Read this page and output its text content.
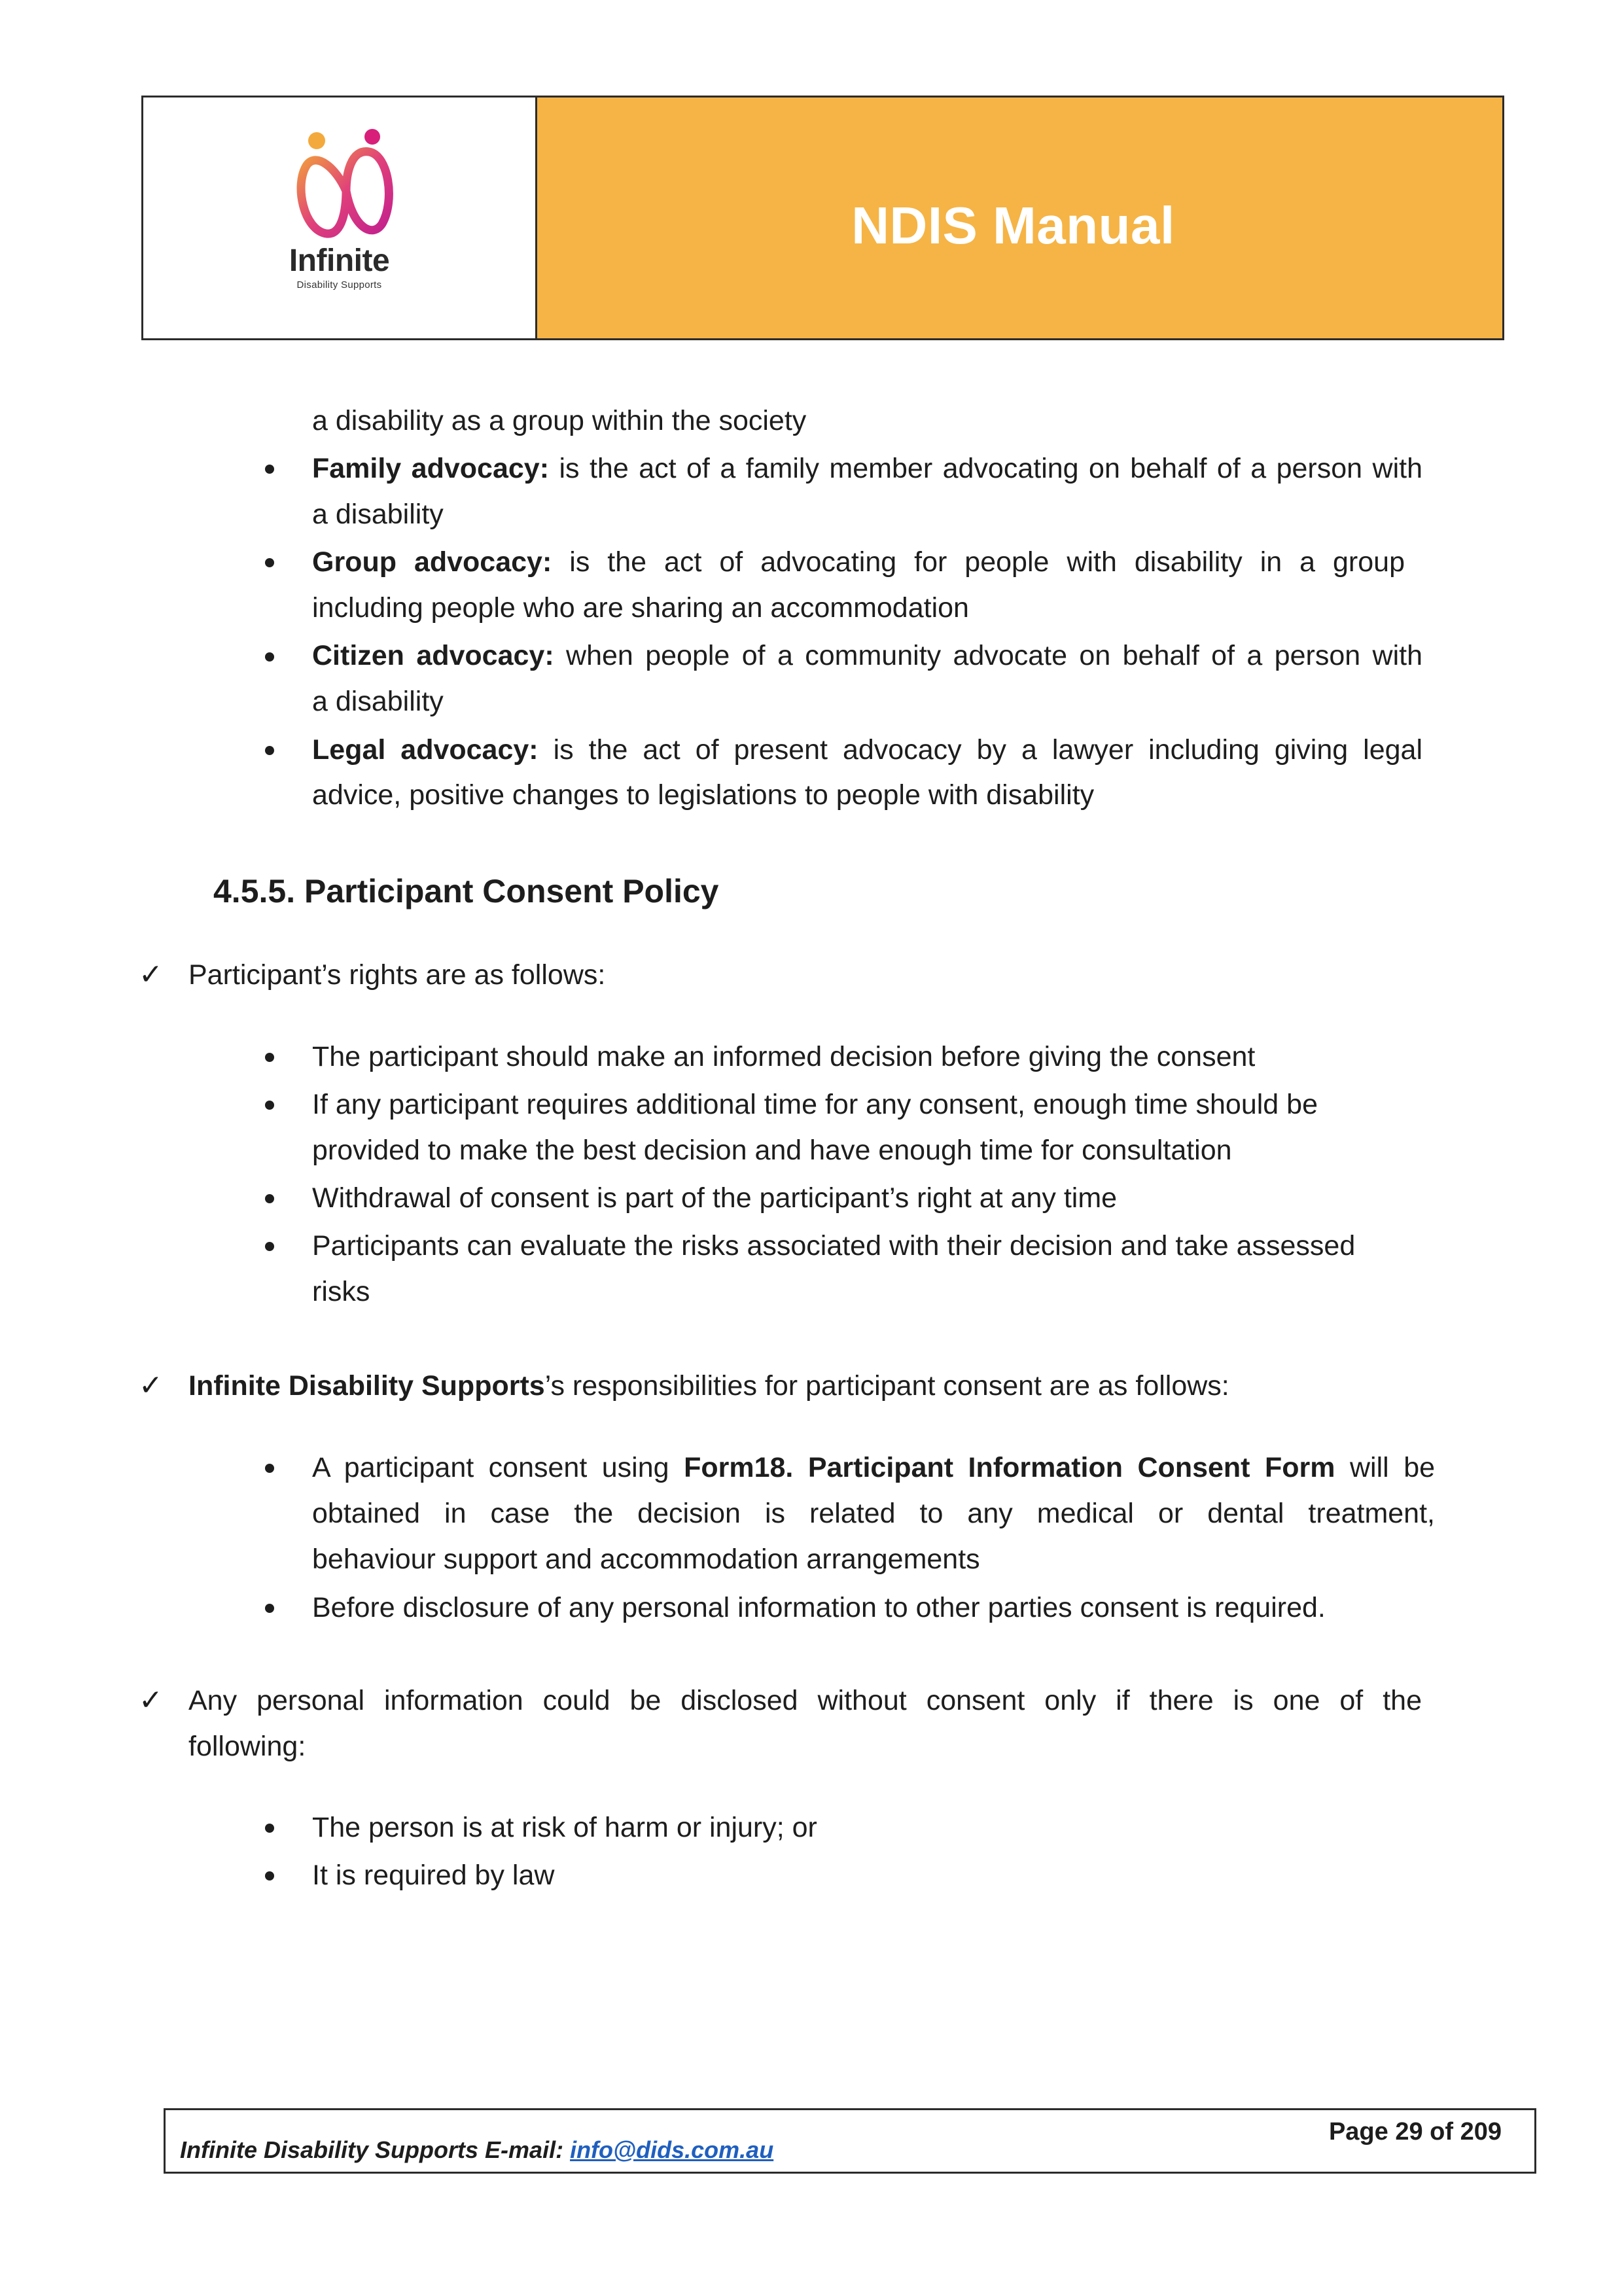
Infinite
Disability Supports
NDIS Manual
a disability as a group within the society
Family advocacy: is the act of a family member advocating on behalf of a person with
a disability
Group advocacy: is the act of advocating for people with disability in a group
including people who are sharing an accommodation
Citizen advocacy: when people of a community advocate on behalf of a person with
a disability
Legal advocacy: is the act of present advocacy by a lawyer including giving legal
advice, positive changes to legislations to people with disability
4.5.5. Participant Consent Policy
✓ Participant’s rights are as follows:
The participant should make an informed decision before giving the consent
If any participant requires additional time for any consent, enough time should be
provided to make the best decision and have enough time for consultation
Withdrawal of consent is part of the participant’s right at any time
Participants can evaluate the risks associated with their decision and take assessed
risks
✓ Infinite Disability Supports’s responsibilities for participant consent are as follows:
A participant consent using Form18. Participant Information Consent Form will be
obtained in case the decision is related to any medical or dental treatment,
behaviour support and accommodation arrangements
Before disclosure of any personal information to other parties consent is required.
✓ Any personal information could be disclosed without consent only if there is one of the
following:
The person is at risk of harm or injury; or
It is required by law
Infinite Disability Supports E-mail: info@dids.com.au
Page 29 of 209
